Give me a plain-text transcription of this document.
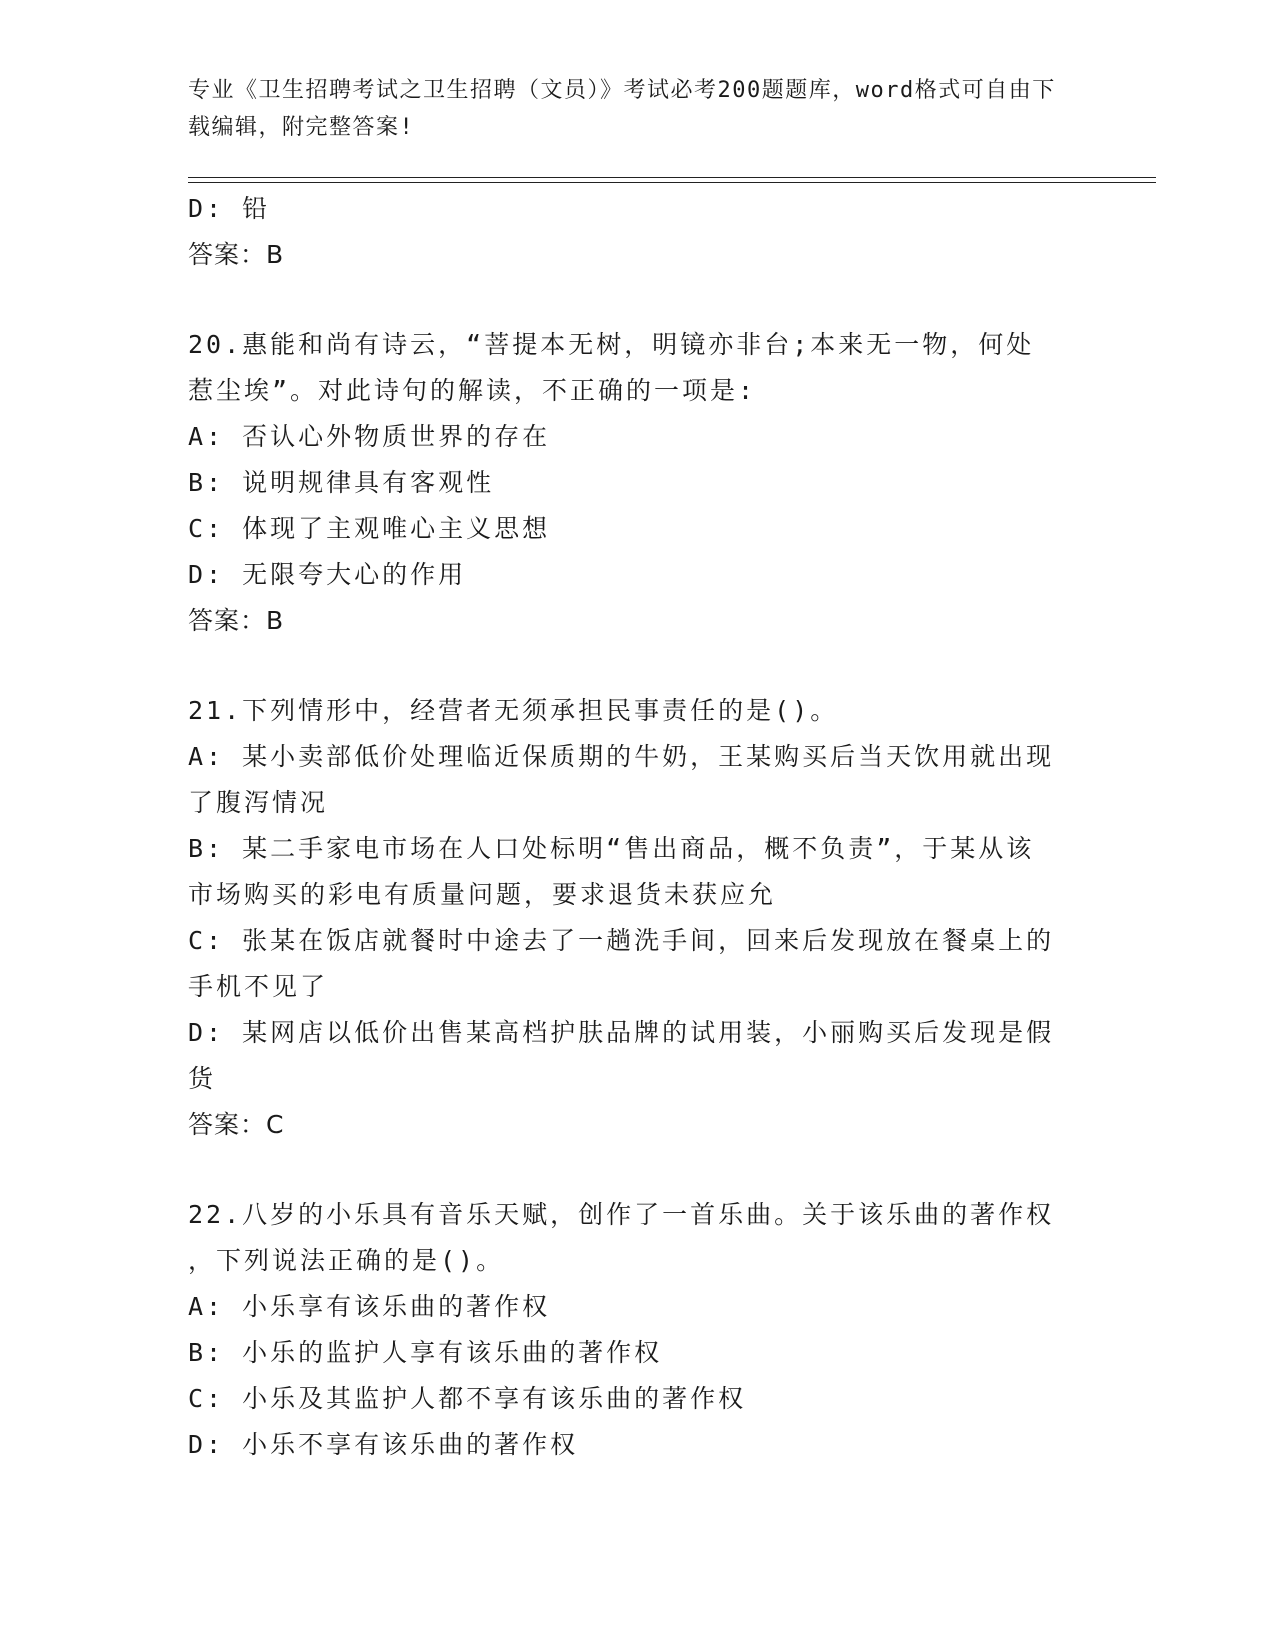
专业《卫生招聘考试之卫生招聘（文员）》考试必考200题题库，word格式可自由下载编辑，附完整答案!
D: 铅
答案：B
20.惠能和尚有诗云，“菩提本无树，明镜亦非台;本来无一物，何处
惹尘埃”。对此诗句的解读，不正确的一项是:
A: 否认心外物质世界的存在
B: 说明规律具有客观性
C: 体现了主观唯心主义思想
D: 无限夸大心的作用
答案：B
21.下列情形中，经营者无须承担民事责任的是()。
A: 某小卖部低价处理临近保质期的牛奶，王某购买后当天饮用就出现
了腹泻情况
B: 某二手家电市场在人口处标明“售出商品，概不负责”，于某从该
市场购买的彩电有质量问题，要求退货未获应允
C: 张某在饭店就餐时中途去了一趟洗手间，回来后发现放在餐桌上的
手机不见了
D: 某网店以低价出售某高档护肤品牌的试用装，小丽购买后发现是假
货
答案：C
22.八岁的小乐具有音乐天赋，创作了一首乐曲。关于该乐曲的著作权
，下列说法正确的是()。
A: 小乐享有该乐曲的著作权
B: 小乐的监护人享有该乐曲的著作权
C: 小乐及其监护人都不享有该乐曲的著作权
D: 小乐不享有该乐曲的著作权
